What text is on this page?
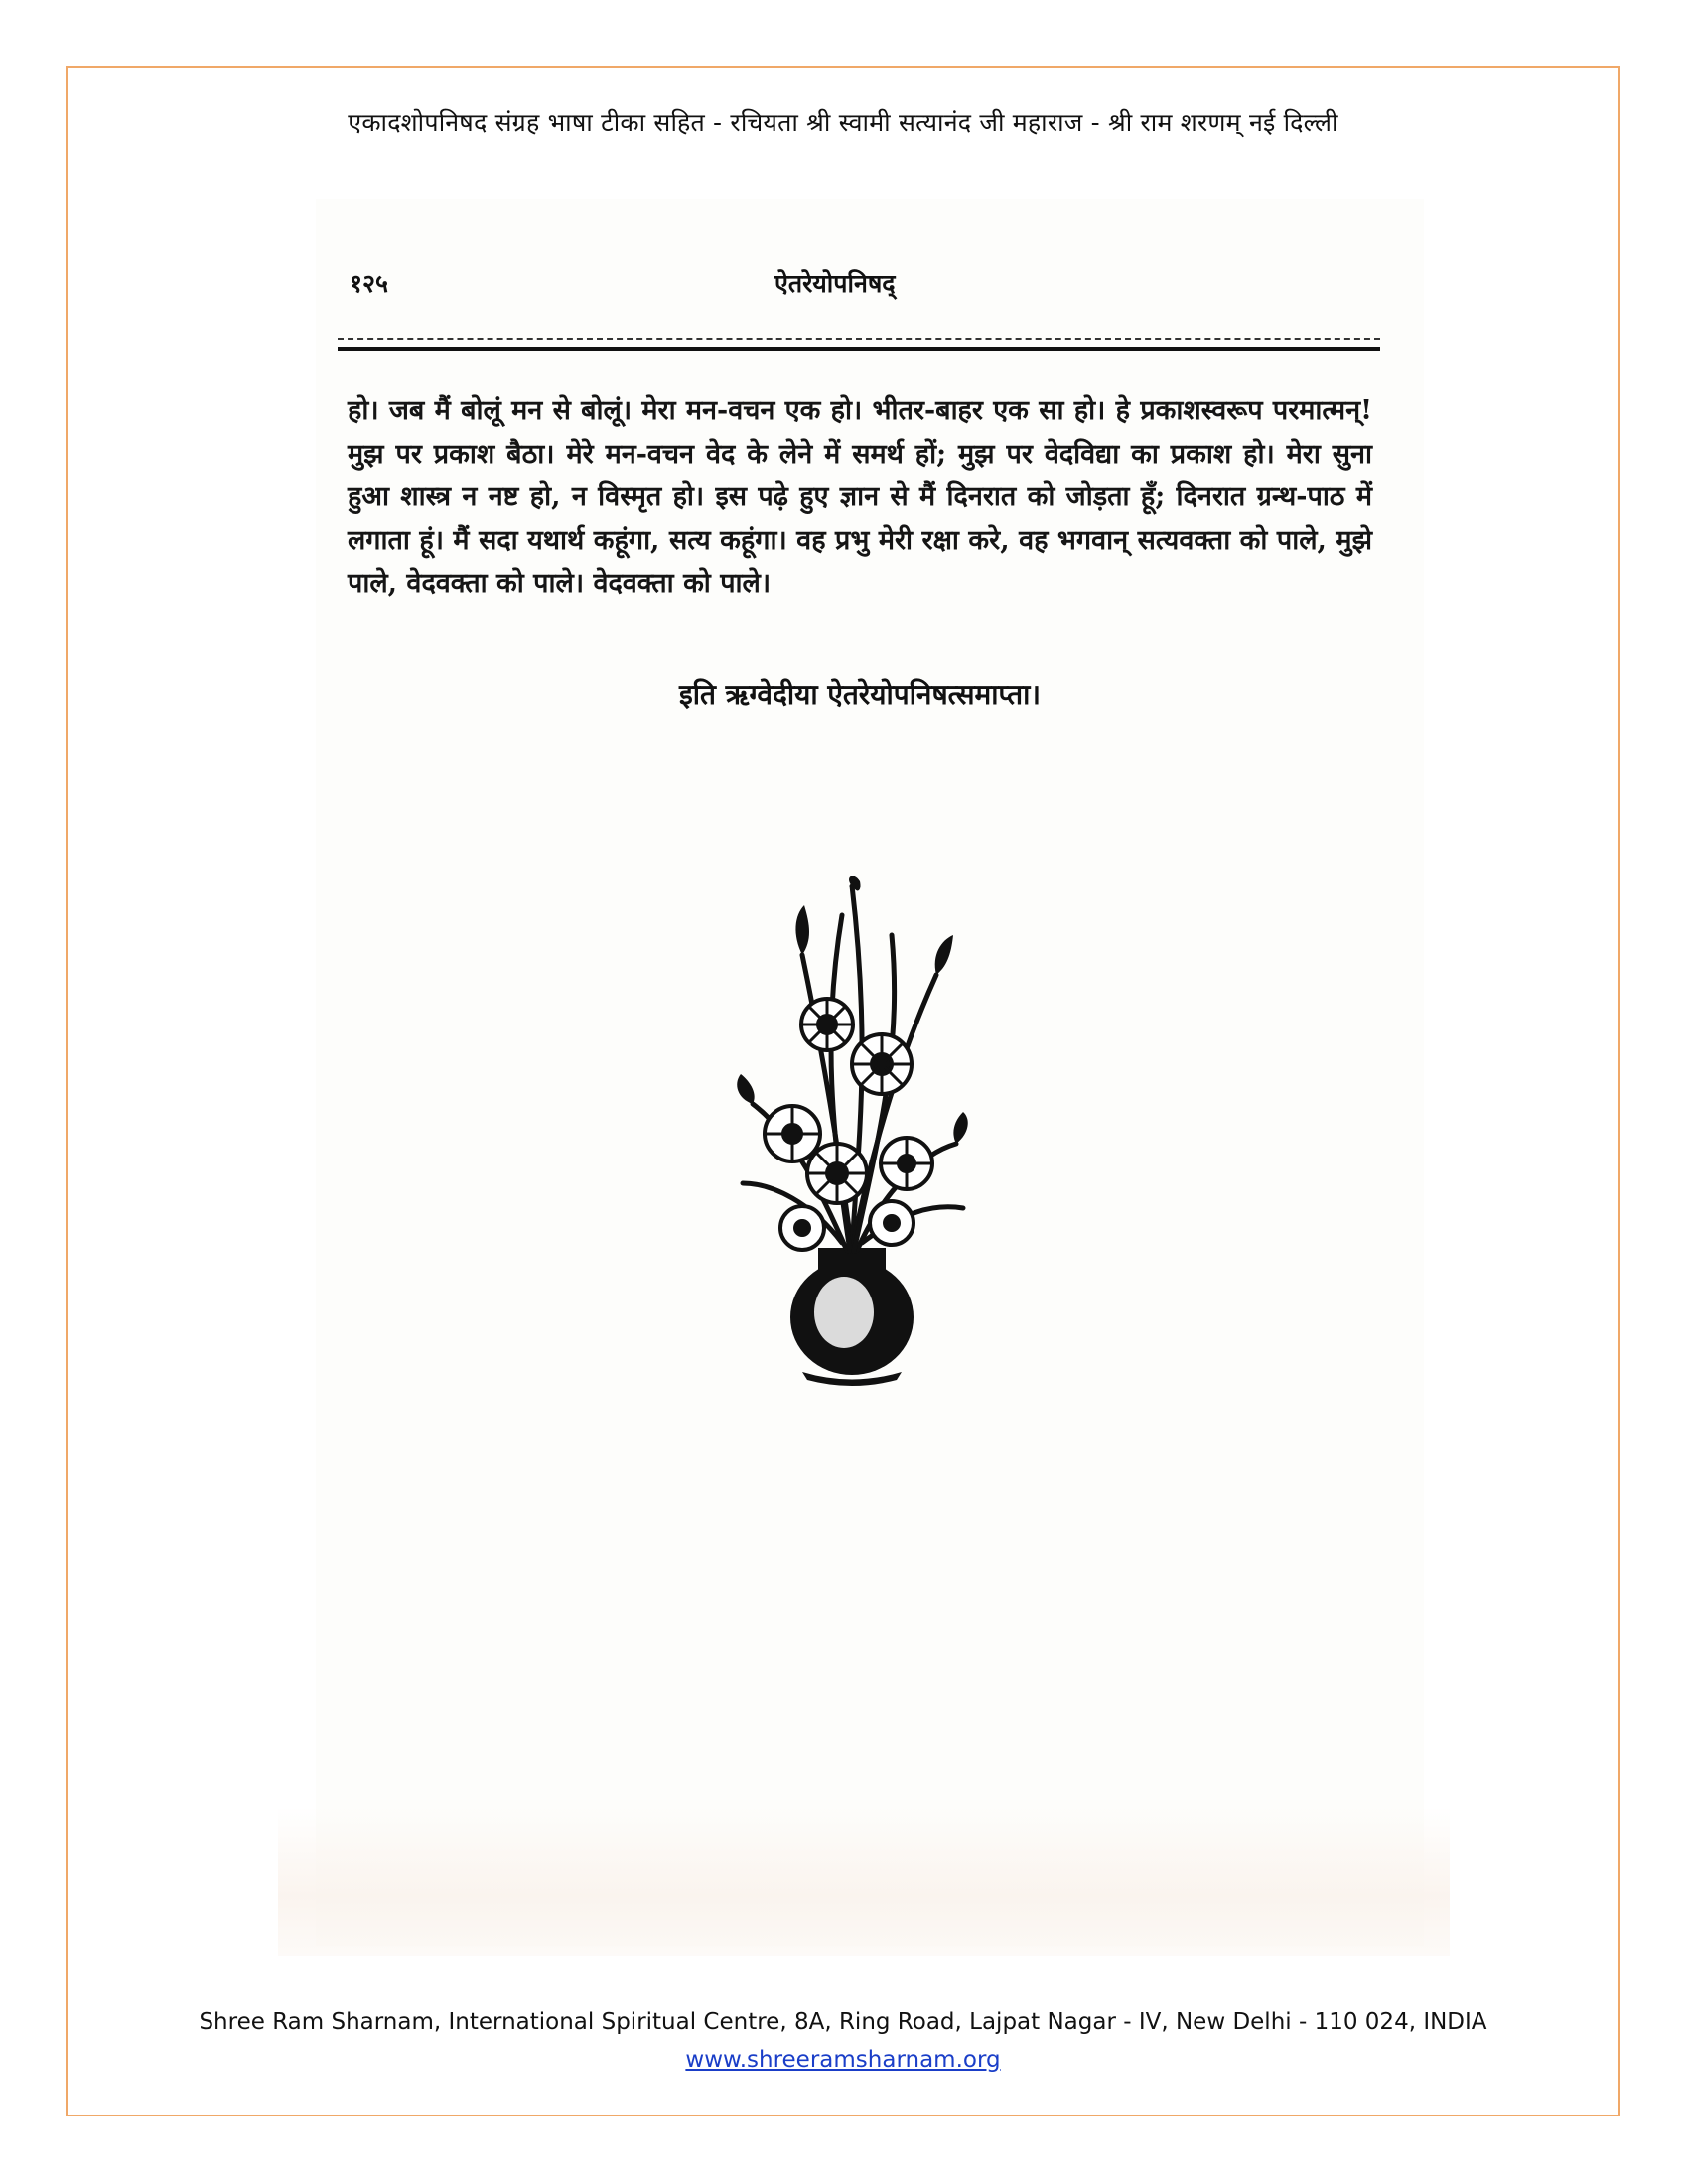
एकादशोपनिषद संग्रह भाषा टीका सहित - रचियता श्री स्वामी सत्यानंद जी महाराज - श्री राम शरणम् नई दिल्ली
१२५	ऐतरेयोपनिषद्
हो। जब मैं बोलूं मन से बोलूं। मेरा मन-वचन एक हो। भीतर-बाहर एक सा हो। हे प्रकाशस्वरूप परमात्मन्! मुझ पर प्रकाश बैठा। मेरे मन-वचन वेद के लेने में समर्थ हों; मुझ पर वेदविद्या का प्रकाश हो। मेरा सुना हुआ शास्त्र न नष्ट हो, न विस्मृत हो। इस पढ़े हुए ज्ञान से मैं दिनरात को जोड़ता हूँ; दिनरात ग्रन्थ-पाठ में लगाता हूं। मैं सदा यथार्थ कहूंगा, सत्य कहूंगा। वह प्रभु मेरी रक्षा करे, वह भगवान् सत्यवक्ता को पाले, मुझे पाले, वेदवक्ता को पाले। वेदवक्ता को पाले।
इति ऋग्वेदीया ऐतरेयोपनिषत्समाप्ता।
Shree Ram Sharnam, International Spiritual Centre, 8A, Ring Road, Lajpat Nagar - IV, New Delhi - 110 024, INDIA
www.shreeramsharnam.org
